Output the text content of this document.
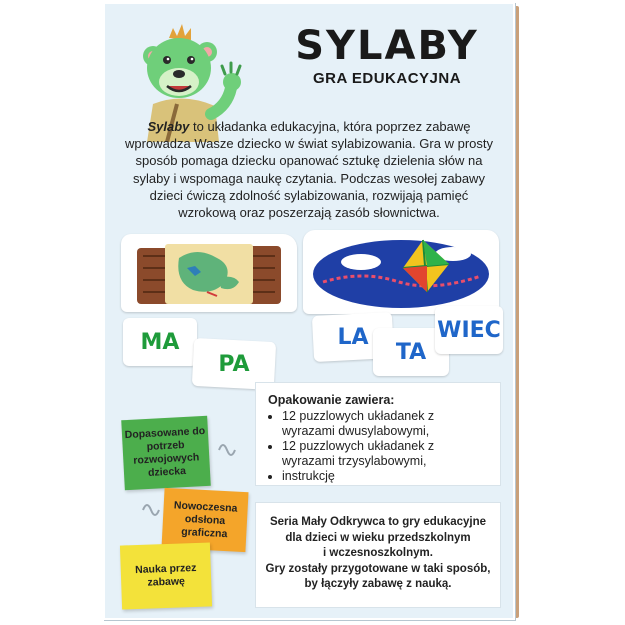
SYLABY
GRA EDUKACYJNA
Sylaby to układanka edukacyjna, która poprzez zabawę wprowadza Wasze dziecko w świat sylabizowania. Gra w prosty sposób pomaga dziecku opanować sztukę dzielenia słów na sylaby i wspomaga naukę czytania. Podczas wesołej zabawy dzieci ćwiczą zdolność sylabizowania, rozwijają pamięć wzrokową oraz poszerzają zasób słownictwa.
MA
PA
LA
TA
WIEC
Opakowanie zawiera:
• 12 puzzlowych układanek z wyrazami dwusylabowymi,
• 12 puzzlowych układanek z wyrazami trzysylabowymi,
• instrukcję
Seria Mały Odkrywca to gry edukacyjne
dla dzieci w wieku przedszkolnym
i wczesnoszkolnym.
Gry zostały przygotowane w taki sposób,
by łączyły zabawę z nauką.
Dopasowane do potrzeb rozwojowych dziecka
Nowoczesna odsłona graficzna
Nauka przez zabawę
